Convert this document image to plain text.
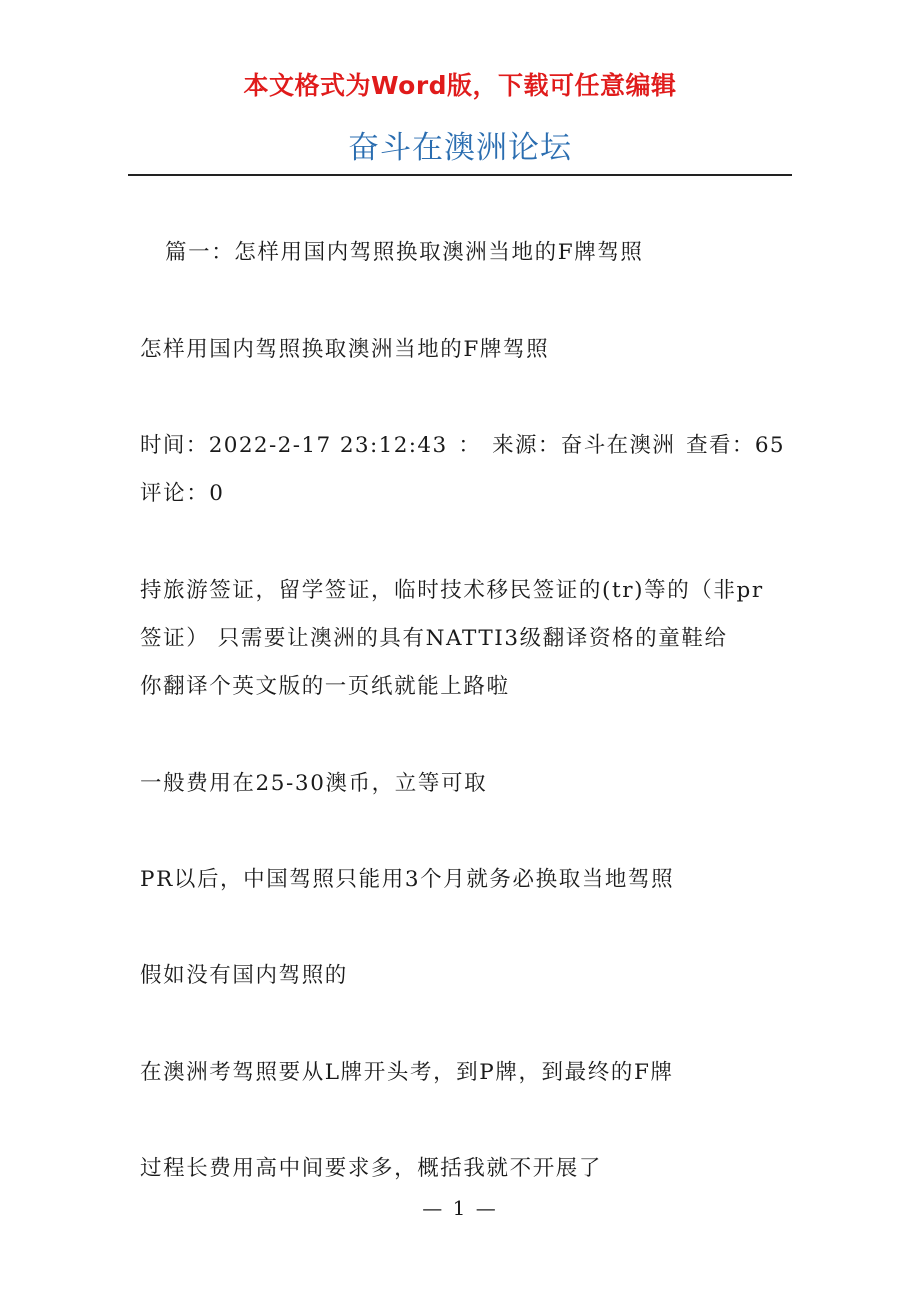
本文格式为Word版，下载可任意编辑
奋斗在澳洲论坛

篇一：怎样用国内驾照换取澳洲当地的F牌驾照

怎样用国内驾照换取澳洲当地的F牌驾照

时间：2022-2-17 23:12:43 ： 来源：奋斗在澳洲 查看：65

评论：0

持旅游签证，留学签证，临时技术移民签证的(tr)等的（非pr

签证） 只需要让澳洲的具有NATTI3级翻译资格的童鞋给

你翻译个英文版的一页纸就能上路啦

一般费用在25-30澳币，立等可取

PR以后，中国驾照只能用3个月就务必换取当地驾照

假如没有国内驾照的

在澳洲考驾照要从L牌开头考，到P牌，到最终的F牌

过程长费用高中间要求多，概括我就不开展了

— 1 —
